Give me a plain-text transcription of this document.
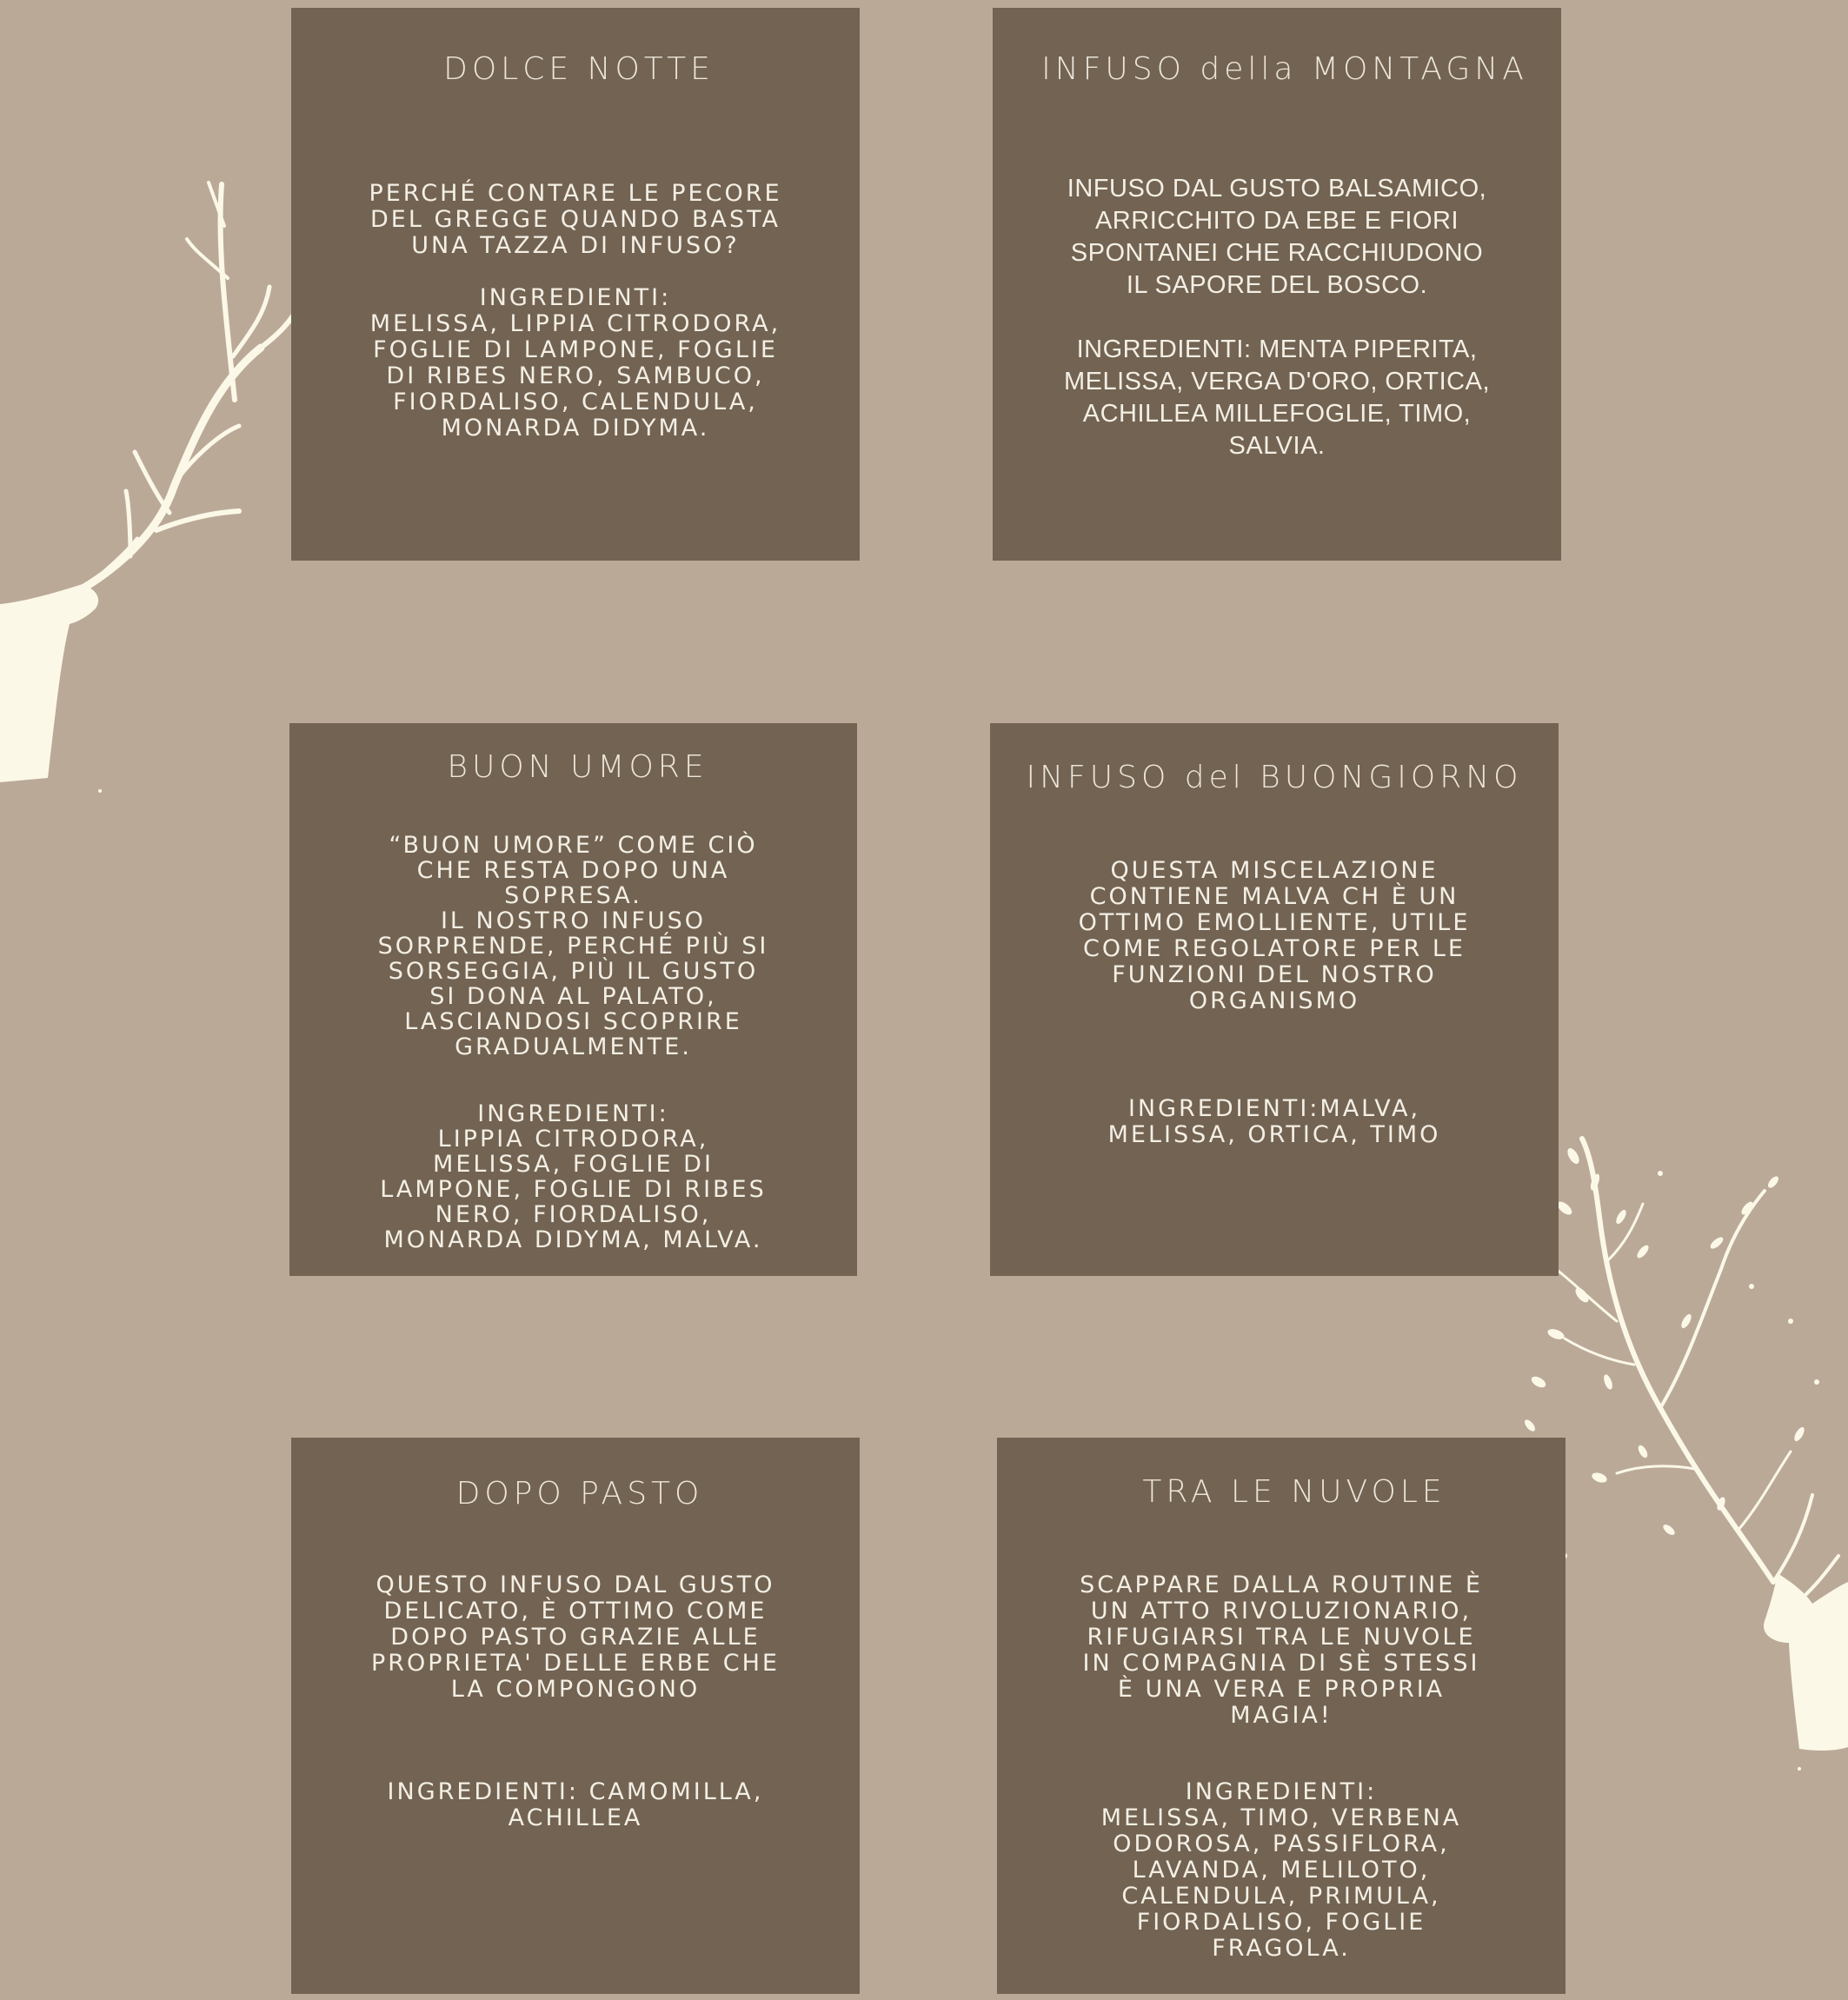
DOLCE NOTTE
PERCHÉ CONTARE LE PECORE
DEL GREGGE QUANDO BASTA
UNA TAZZA DI INFUSO?
INGREDIENTI:
MELISSA, LIPPIA CITRODORA,
FOGLIE DI LAMPONE, FOGLIE
DI RIBES NERO, SAMBUCO,
FIORDALISO, CALENDULA,
MONARDA DIDYMA.
INFUSO della MONTAGNA
INFUSO DAL GUSTO BALSAMICO,
ARRICCHITO DA EBE E FIORI
SPONTANEI CHE RACCHIUDONO
IL SAPORE DEL BOSCO.
INGREDIENTI: MENTA PIPERITA,
MELISSA, VERGA D'ORO, ORTICA,
ACHILLEA MILLEFOGLIE, TIMO,
SALVIA.
BUON UMORE
“BUON UMORE” COME CIÒ
CHE RESTA DOPO UNA
SOPRESA.
IL NOSTRO INFUSO
SORPRENDE, PERCHÉ PIÙ SI
SORSEGGIA, PIÙ IL GUSTO
SI DONA AL PALATO,
LASCIANDOSI SCOPRIRE
GRADUALMENTE.
INGREDIENTI:
LIPPIA CITRODORA,
MELISSA, FOGLIE DI
LAMPONE, FOGLIE DI RIBES
NERO, FIORDALISO,
MONARDA DIDYMA, MALVA.
INFUSO del BUONGIORNO
QUESTA MISCELAZIONE
CONTIENE MALVA CH È UN
OTTIMO EMOLLIENTE, UTILE
COME REGOLATORE PER LE
FUNZIONI DEL NOSTRO
ORGANISMO
INGREDIENTI:MALVA,
MELISSA, ORTICA, TIMO
DOPO PASTO
QUESTO INFUSO DAL GUSTO
DELICATO, È OTTIMO COME
DOPO PASTO GRAZIE ALLE
PROPRIETA' DELLE ERBE CHE
LA COMPONGONO
INGREDIENTI: CAMOMILLA,
ACHILLEA
TRA LE NUVOLE
SCAPPARE DALLA ROUTINE È
UN ATTO RIVOLUZIONARIO,
RIFUGIARSI TRA LE NUVOLE
IN COMPAGNIA DI SÈ STESSI
È UNA VERA E PROPRIA
MAGIA!
INGREDIENTI:
MELISSA, TIMO, VERBENA
ODOROSA, PASSIFLORA,
LAVANDA, MELILOTO,
CALENDULA, PRIMULA,
FIORDALISO, FOGLIE
FRAGOLA.
